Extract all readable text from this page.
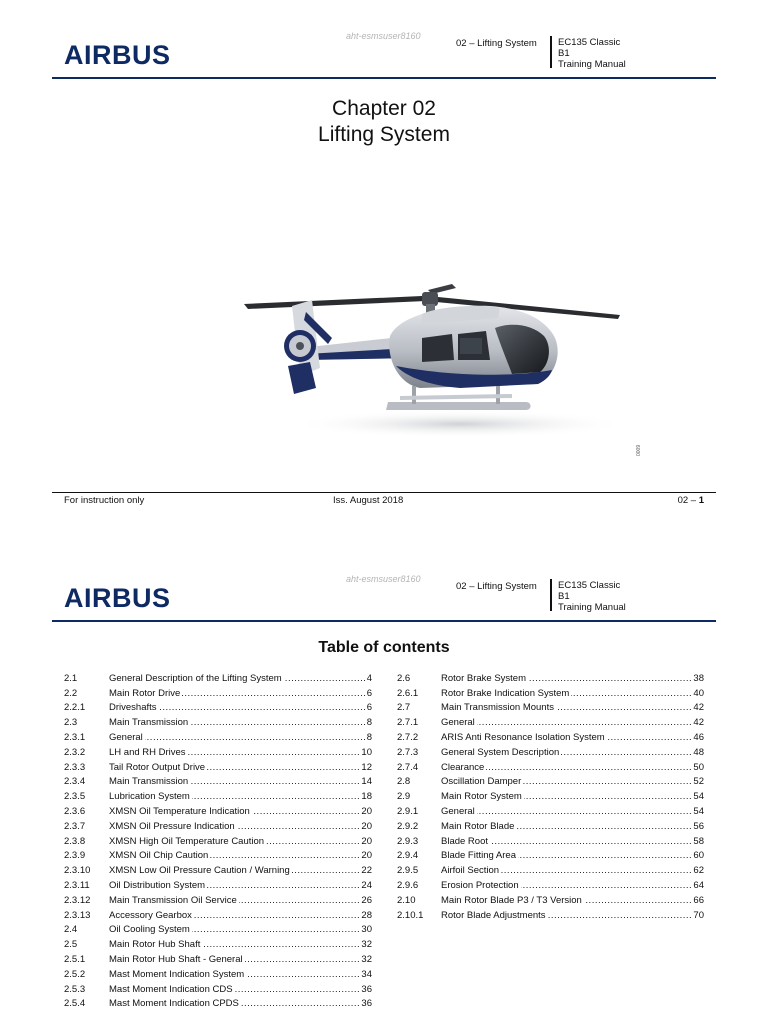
AIRBUS
aht-esmsuser8160
02 – Lifting System EC135 Classic
B1
Training Manual
Chapter 02
Lifting System
0009
For instruction only	Iss. August 2018	02 – 1
AIRBUS
aht-esmsuser8160
02 – Lifting System EC135 Classic
B1
Training Manual
Table of contents
2.1	General Description of the Lifting System .....	4
2.2	Main Rotor Drive .....	6
2.2.1	Driveshafts .....	6
2.3	Main Transmission .....	8
2.3.1	General .....	8
2.3.2	LH and RH Drives .....	10
2.3.3	Tail Rotor Output Drive .....	12
2.3.4	Main Transmission .....	14
2.3.5	Lubrication System .....	18
2.3.6	XMSN Oil Temperature Indication .....	20
2.3.7	XMSN Oil Pressure Indication .....	20
2.3.8	XMSN High Oil Temperature Caution .....	20
2.3.9	XMSN Oil Chip Caution .....	20
2.3.10	XMSN Low Oil Pressure Caution / Warning .....	22
2.3.11	Oil Distribution System .....	24
2.3.12	Main Transmission Oil Service .....	26
2.3.13	Accessory Gearbox .....	28
2.4	Oil Cooling System .....	30
2.5	Main Rotor Hub Shaft .....	32
2.5.1	Main Rotor Hub Shaft - General .....	32
2.5.2	Mast Moment Indication System .....	34
2.5.3	Mast Moment Indication CDS .....	36
2.5.4	Mast Moment Indication CPDS .....	36
2.6	Rotor Brake System .....	38
2.6.1	Rotor Brake Indication System .....	40
2.7	Main Transmission Mounts .....	42
2.7.1	General .....	42
2.7.2	ARIS Anti Resonance Isolation System .....	46
2.7.3	General System Description .....	48
2.7.4	Clearance .....	50
2.8	Oscillation Damper .....	52
2.9	Main Rotor System .....	54
2.9.1	General .....	54
2.9.2	Main Rotor Blade .....	56
2.9.3	Blade Root .....	58
2.9.4	Blade Fitting Area .....	60
2.9.5	Airfoil Section .....	62
2.9.6	Erosion Protection .....	64
2.10	Main Rotor Blade P3 / T3 Version .....	66
2.10.1	Rotor Blade Adjustments .....	70
